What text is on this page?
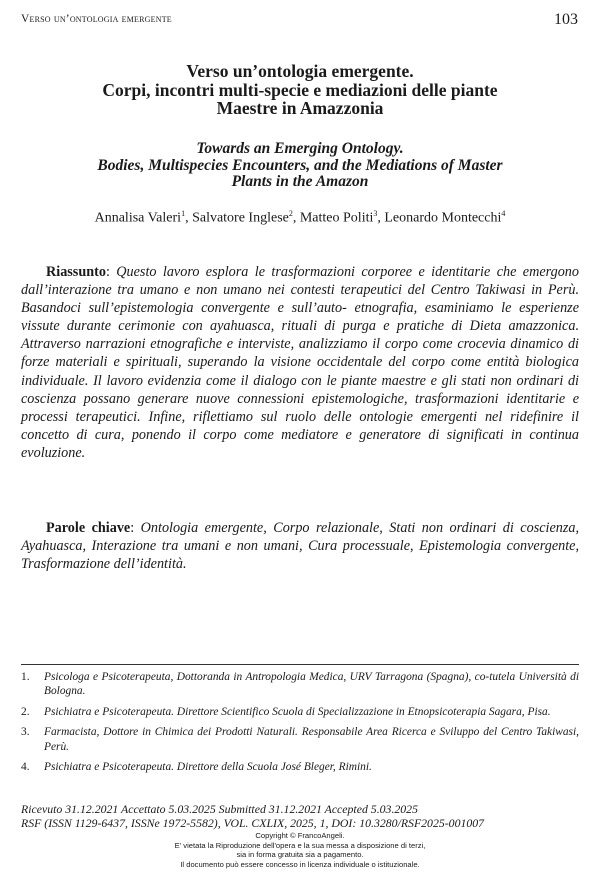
Verso un’ontologia emergente	103
Verso un’ontologia emergente.
Corpi, incontri multi-specie e mediazioni delle piante
Maestre in Amazzonia
Towards an Emerging Ontology.
Bodies, Multispecies Encounters, and the Mediations of Master
Plants in the Amazon
Annalisa Valeri$^1$, Salvatore Inglese$^2$, Matteo Politi$^3$, Leonardo Montecchi$^4$
Riassunto: Questo lavoro esplora le trasformazioni corporee e identitarie che emergono dall’interazione tra umano e non umano nei contesti terapeutici del Centro Takiwasi in Perù. Basandoci sull’epistemologia convergente e sull’auto- etnografia, esaminiamo le esperienze vissute durante cerimonie con ayahuasca, rituali di purga e pratiche di Dieta amazzonica. Attraverso narrazioni etnografiche e interviste, analizziamo il corpo come crocevia dinamico di forze materiali e spirituali, superando la visione occidentale del corpo come entità biologica individuale. Il lavoro evidenzia come il dialogo con le piante maestre e gli stati non ordinari di coscienza possano generare nuove connessioni epistemologiche, trasformazioni identitarie e processi terapeutici. Infine, riflettiamo sul ruolo delle ontologie emergenti nel ridefinire il concetto di cura, ponendo il corpo come mediatore e generatore di significati in continua evoluzione.
Parole chiave: Ontologia emergente, Corpo relazionale, Stati non ordinari di coscienza, Ayahuasca, Interazione tra umani e non umani, Cura processuale, Epistemologia convergente, Trasformazione dell’identità.
1. Psicologa e Psicoterapeuta, Dottoranda in Antropologia Medica, URV Tarragona (Spagna), co-tutela Università di Bologna.
2. Psichiatra e Psicoterapeuta. Direttore Scientifico Scuola di Specializzazione in Etnopsicoterapia Sagara, Pisa.
3. Farmacista, Dottore in Chimica dei Prodotti Naturali. Responsabile Area Ricerca e Sviluppo del Centro Takiwasi, Perù.
4. Psichiatra e Psicoterapeuta. Direttore della Scuola José Bleger, Rimini.
Ricevuto 31.12.2021 Accettato 5.03.2025 Submitted 31.12.2021 Accepted 5.03.2025
RSF (ISSN 1129-6437, ISSNe 1972-5582), VOL. CXLIX, 2025, 1, DOI: 10.3280/RSF2025-001007
Copyright © FrancoAngeli.
E' vietata la Riproduzione dell'opera e la sua messa a disposizione di terzi,
sia in forma gratuita sia a pagamento.
Il documento può essere concesso in licenza individuale o istituzionale.
